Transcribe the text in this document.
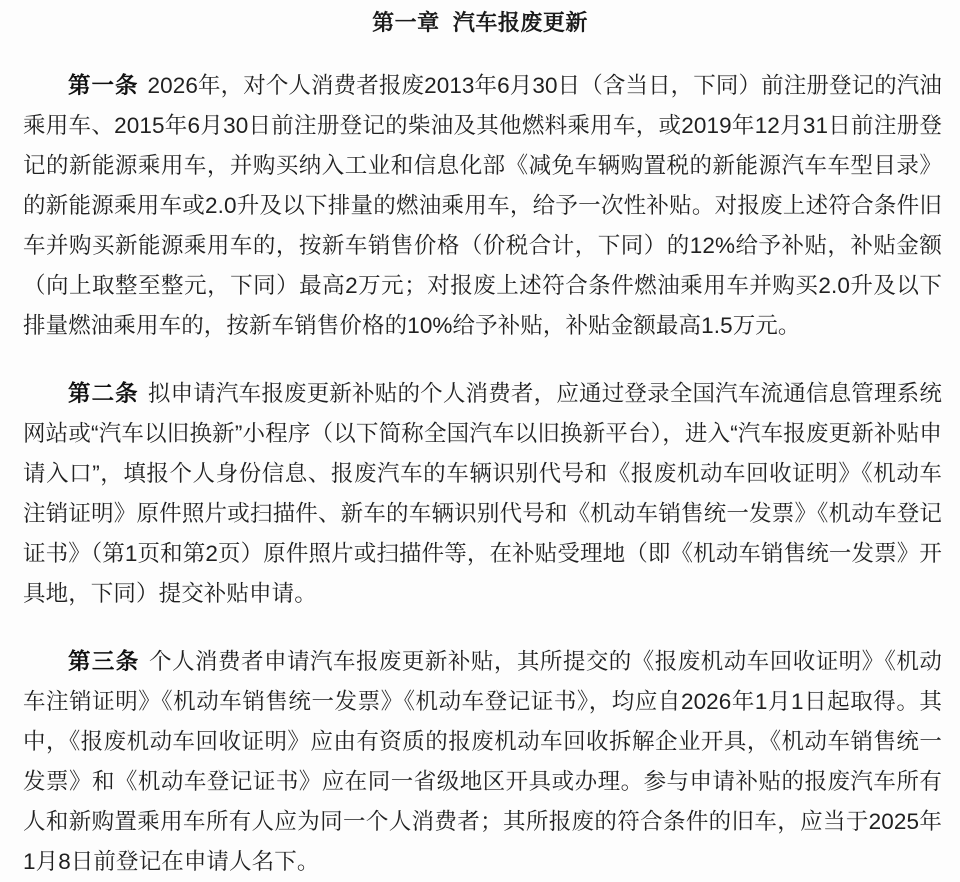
第一章  汽车报废更新

第一条 2026年，对个人消费者报废2013年6月30日（含当日，下同）前注册登记的汽油乘用车、2015年6月30日前注册登记的柴油及其他燃料乘用车，或2019年12月31日前注册登记的新能源乘用车，并购买纳入工业和信息化部《减免车辆购置税的新能源汽车车型目录》的新能源乘用车或2.0升及以下排量的燃油乘用车，给予一次性补贴。对报废上述符合条件旧车并购买新能源乘用车的，按新车销售价格（价税合计，下同）的12%给予补贴，补贴金额（向上取整至整元，下同）最高2万元；对报废上述符合条件燃油乘用车并购买2.0升及以下排量燃油乘用车的，按新车销售价格的10%给予补贴，补贴金额最高1.5万元。

第二条 拟申请汽车报废更新补贴的个人消费者，应通过登录全国汽车流通信息管理系统网站或“汽车以旧换新”小程序（以下简称全国汽车以旧换新平台），进入“汽车报废更新补贴申请入口”，填报个人身份信息、报废汽车的车辆识别代号和《报废机动车回收证明》《机动车注销证明》原件照片或扫描件、新车的车辆识别代号和《机动车销售统一发票》《机动车登记证书》（第1页和第2页）原件照片或扫描件等，在补贴受理地（即《机动车销售统一发票》开具地，下同）提交补贴申请。

第三条 个人消费者申请汽车报废更新补贴，其所提交的《报废机动车回收证明》《机动车注销证明》《机动车销售统一发票》《机动车登记证书》，均应自2026年1月1日起取得。其中，《报废机动车回收证明》应由有资质的报废机动车回收拆解企业开具，《机动车销售统一发票》和《机动车登记证书》应在同一省级地区开具或办理。参与申请补贴的报废汽车所有人和新购置乘用车所有人应为同一个人消费者；其所报废的符合条件的旧车，应当于2025年1月8日前登记在申请人名下。
